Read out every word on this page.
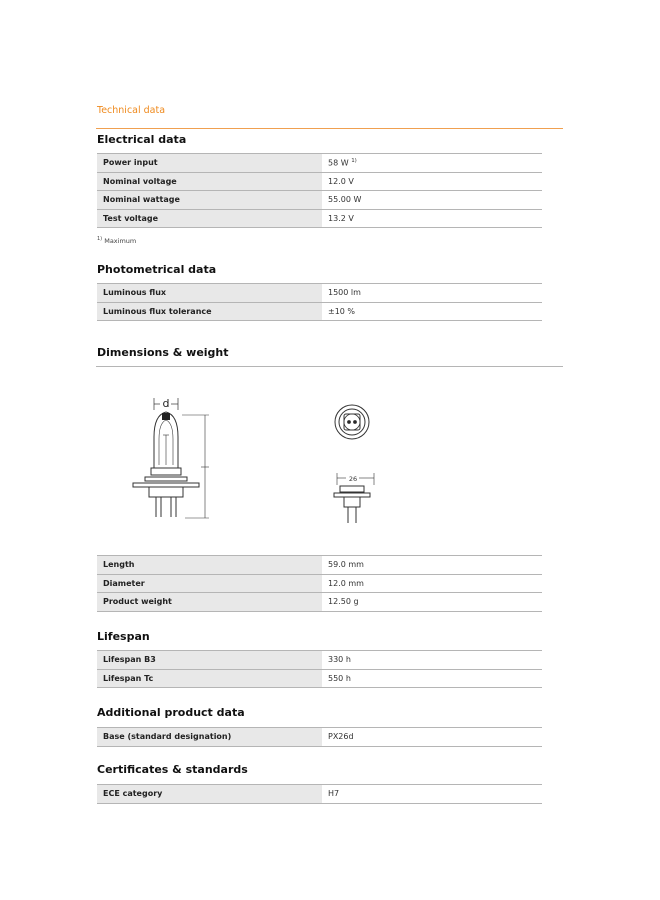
Technical data
Electrical data
Power input	58 W $^{1)}$
Nominal voltage	12.0 V
Nominal wattage	55.00 W
Test voltage	13.2 V
$^{1)}$ Maximum
Photometrical data
Luminous flux	1500 lm
Luminous flux tolerance	±10 %
Dimensions & weight
d
26
Length	59.0 mm
Diameter	12.0 mm
Product weight	12.50 g
Lifespan
Lifespan B3	330 h
Lifespan Tc	550 h
Additional product data
Base (standard designation)	PX26d
Certificates & standards
ECE category	H7
